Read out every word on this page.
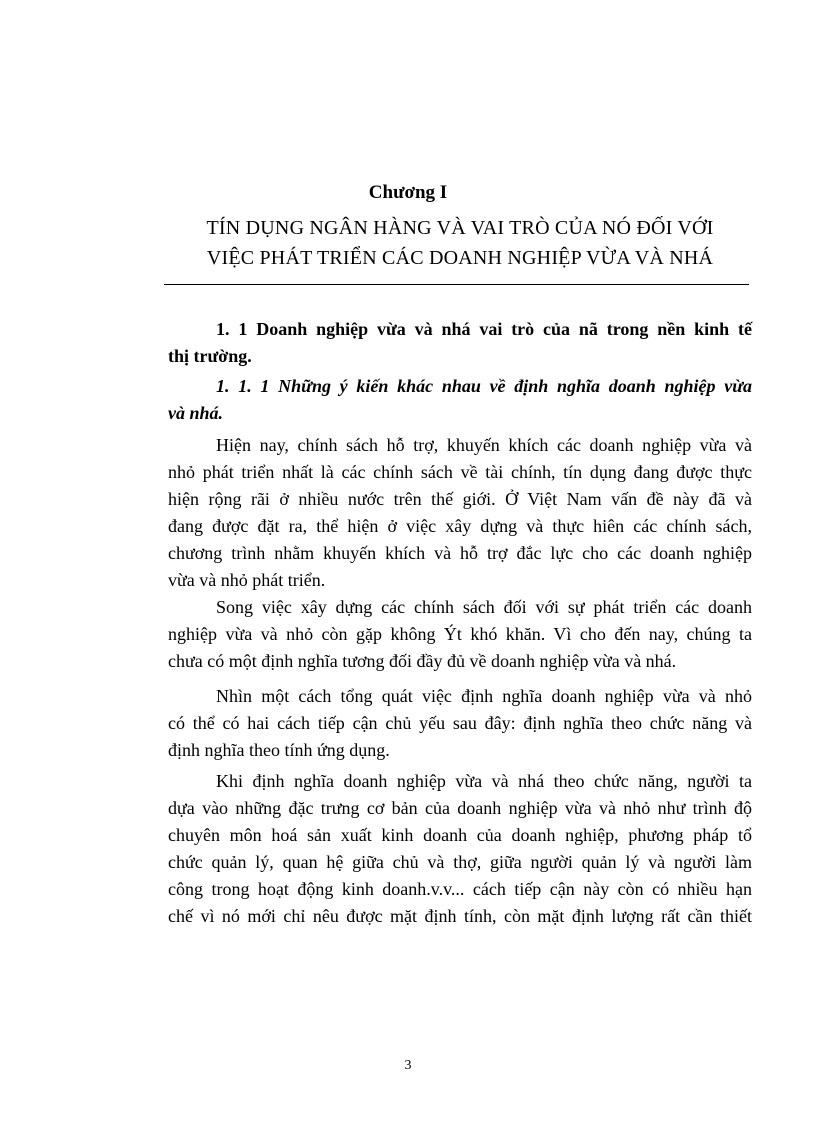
Chương I
TÍN DỤNG NGÂN HÀNG VÀ VAI TRÒ CỦA NÓ ĐỐI VỚI
VIỆC PHÁT TRIỂN CÁC DOANH NGHIỆP VỪA VÀ NHÁ
1. 1 Doanh nghiệp vừa và nhá vai trò của nã trong nền kinh tế
thị trường.
1. 1. 1 Những ý kiến khác nhau về định nghĩa doanh nghiệp vừa
và nhá.
Hiện nay, chính sách hỗ trợ, khuyến khích các doanh nghiệp vừa và
nhỏ phát triển nhất là các chính sách về tài chính, tín dụng đang được thực
hiện rộng rãi ở nhiều nước trên thế giới. Ở Việt Nam vấn đề này đã và
đang được đặt ra, thể hiện ở việc xây dựng và thực hiên các chính sách,
chương trình nhằm khuyến khích và hỗ trợ đắc lực cho các doanh nghiệp
vừa và nhỏ phát triển.
Song việc xây dựng các chính sách đối với sự phát triển các doanh
nghiệp vừa và nhỏ còn gặp không Ýt khó khăn. Vì cho đến nay, chúng ta
chưa có một định nghĩa tương đối đầy đủ về doanh nghiệp vừa và nhá.
Nhìn một cách tổng quát việc định nghĩa doanh nghiệp vừa và nhỏ
có thể có hai cách tiếp cận chủ yếu sau đây: định nghĩa theo chức năng và
định nghĩa theo tính ứng dụng.
Khi định nghĩa doanh nghiệp vừa và nhá theo chức năng, người ta
dựa vào những đặc trưng cơ bản của doanh nghiệp vừa và nhỏ như trình độ
chuyên môn hoá sản xuất kinh doanh của doanh nghiệp, phương pháp tổ
chức quản lý, quan hệ giữa chủ và thợ, giữa người quản lý và người làm
công trong hoạt động kinh doanh.v.v... cách tiếp cận này còn có nhiều hạn
chế vì nó mới chỉ nêu được mặt định tính, còn mặt định lượng rất cần thiết
3
